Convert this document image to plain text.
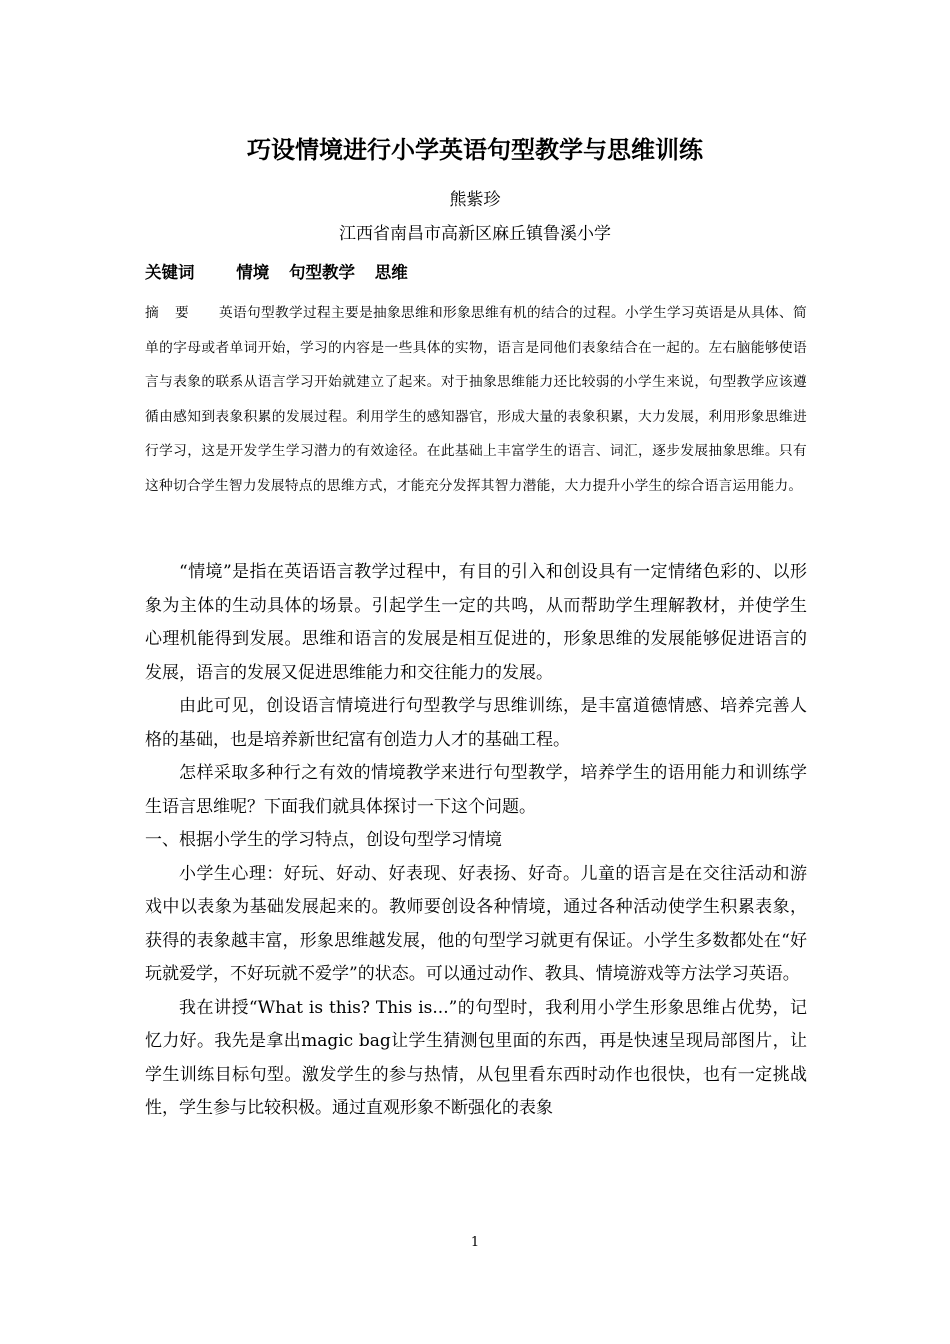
巧设情境进行小学英语句型教学与思维训练
熊紫珍
江西省南昌市高新区麻丘镇鲁溪小学
关键词	情境 句型教学 思维

摘 要 英语句型教学过程主要是抽象思维和形象思维有机的结合的过程。小学生学习英语是从具体、简单的字母或者单词开始，学习的内容是一些具体的实物，语言是同他们表象结合在一起的。左右脑能够使语言与表象的联系从语言学习开始就建立了起来。对于抽象思维能力还比较弱的小学生来说，句型教学应该遵循由感知到表象积累的发展过程。利用学生的感知器官，形成大量的表象积累，大力发展，利用形象思维进行学习，这是开发学生学习潜力的有效途径。在此基础上丰富学生的语言、词汇，逐步发展抽象思维。只有这种切合学生智力发展特点的思维方式，才能充分发挥其智力潜能，大力提升小学生的综合语言运用能力。

“情境”是指在英语语言教学过程中，有目的引入和创设具有一定情绪色彩的、以形象为主体的生动具体的场景。引起学生一定的共鸣，从而帮助学生理解教材，并使学生心理机能得到发展。思维和语言的发展是相互促进的，形象思维的发展能够促进语言的发展，语言的发展又促进思维能力和交往能力的发展。

由此可见，创设语言情境进行句型教学与思维训练，是丰富道德情感、培养完善人格的基础，也是培养新世纪富有创造力人才的基础工程。

怎样采取多种行之有效的情境教学来进行句型教学，培养学生的语用能力和训练学生语言思维呢？下面我们就具体探讨一下这个问题。

一、根据小学生的学习特点，创设句型学习情境

小学生心理：好玩、好动、好表现、好表扬、好奇。儿童的语言是在交往活动和游戏中以表象为基础发展起来的。教师要创设各种情境，通过各种活动使学生积累表象，获得的表象越丰富，形象思维越发展，他的句型学习就更有保证。小学生多数都处在“好玩就爱学，不好玩就不爱学”的状态。可以通过动作、教具、情境游戏等方法学习英语。

我在讲授“What is this? This is...”的句型时，我利用小学生形象思维占优势，记忆力好。我先是拿出magic bag让学生猜测包里面的东西，再是快速呈现局部图片，让学生训练目标句型。激发学生的参与热情，从包里看东西时动作也很快，也有一定挑战性，学生参与比较积极。通过直观形象不断强化的表象

1
